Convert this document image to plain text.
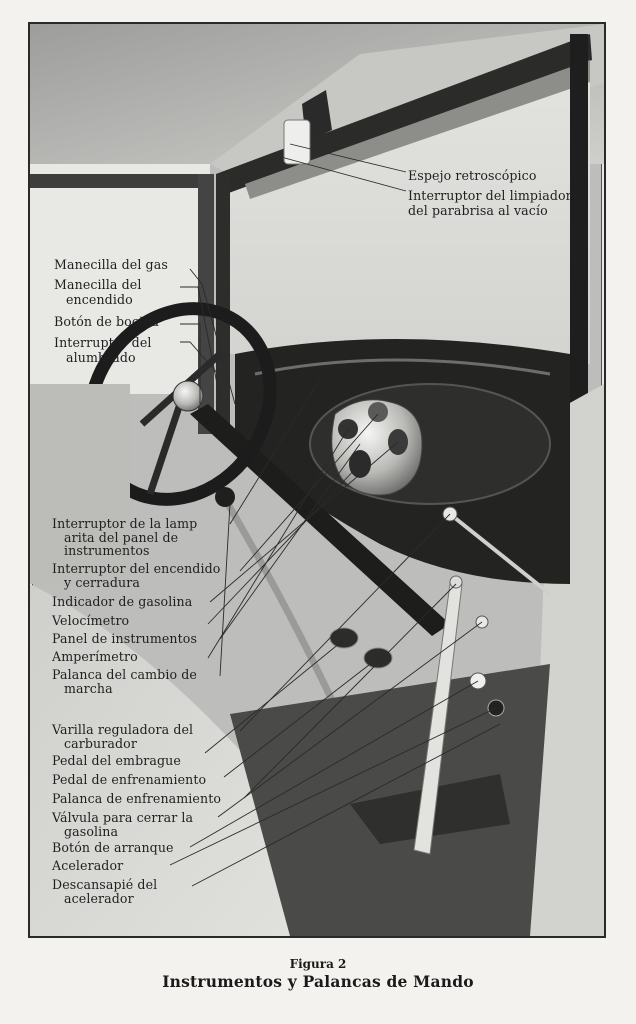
Espejo retroscópico
Interruptor del limpiador
del parabrisa al vacío
Manecilla del gas
Manecilla del
encendido
Botón de bocina
Interruptor del
alumbrado
Interruptor de la lamp
arita del panel de
instrumentos
Interruptor del encendido
y cerradura
Indicador de gasolina
Velocímetro
Panel de instrumentos
Amperímetro
Palanca del cambio de
marcha
Varilla reguladora del
carburador
Pedal del embrague
Pedal de enfrenamiento
Palanca de enfrenamiento
Válvula para cerrar la
gasolina
Botón de arranque
Acelerador
Descansapié del
acelerador
Figura 2
Instrumentos y Palancas de Mando
